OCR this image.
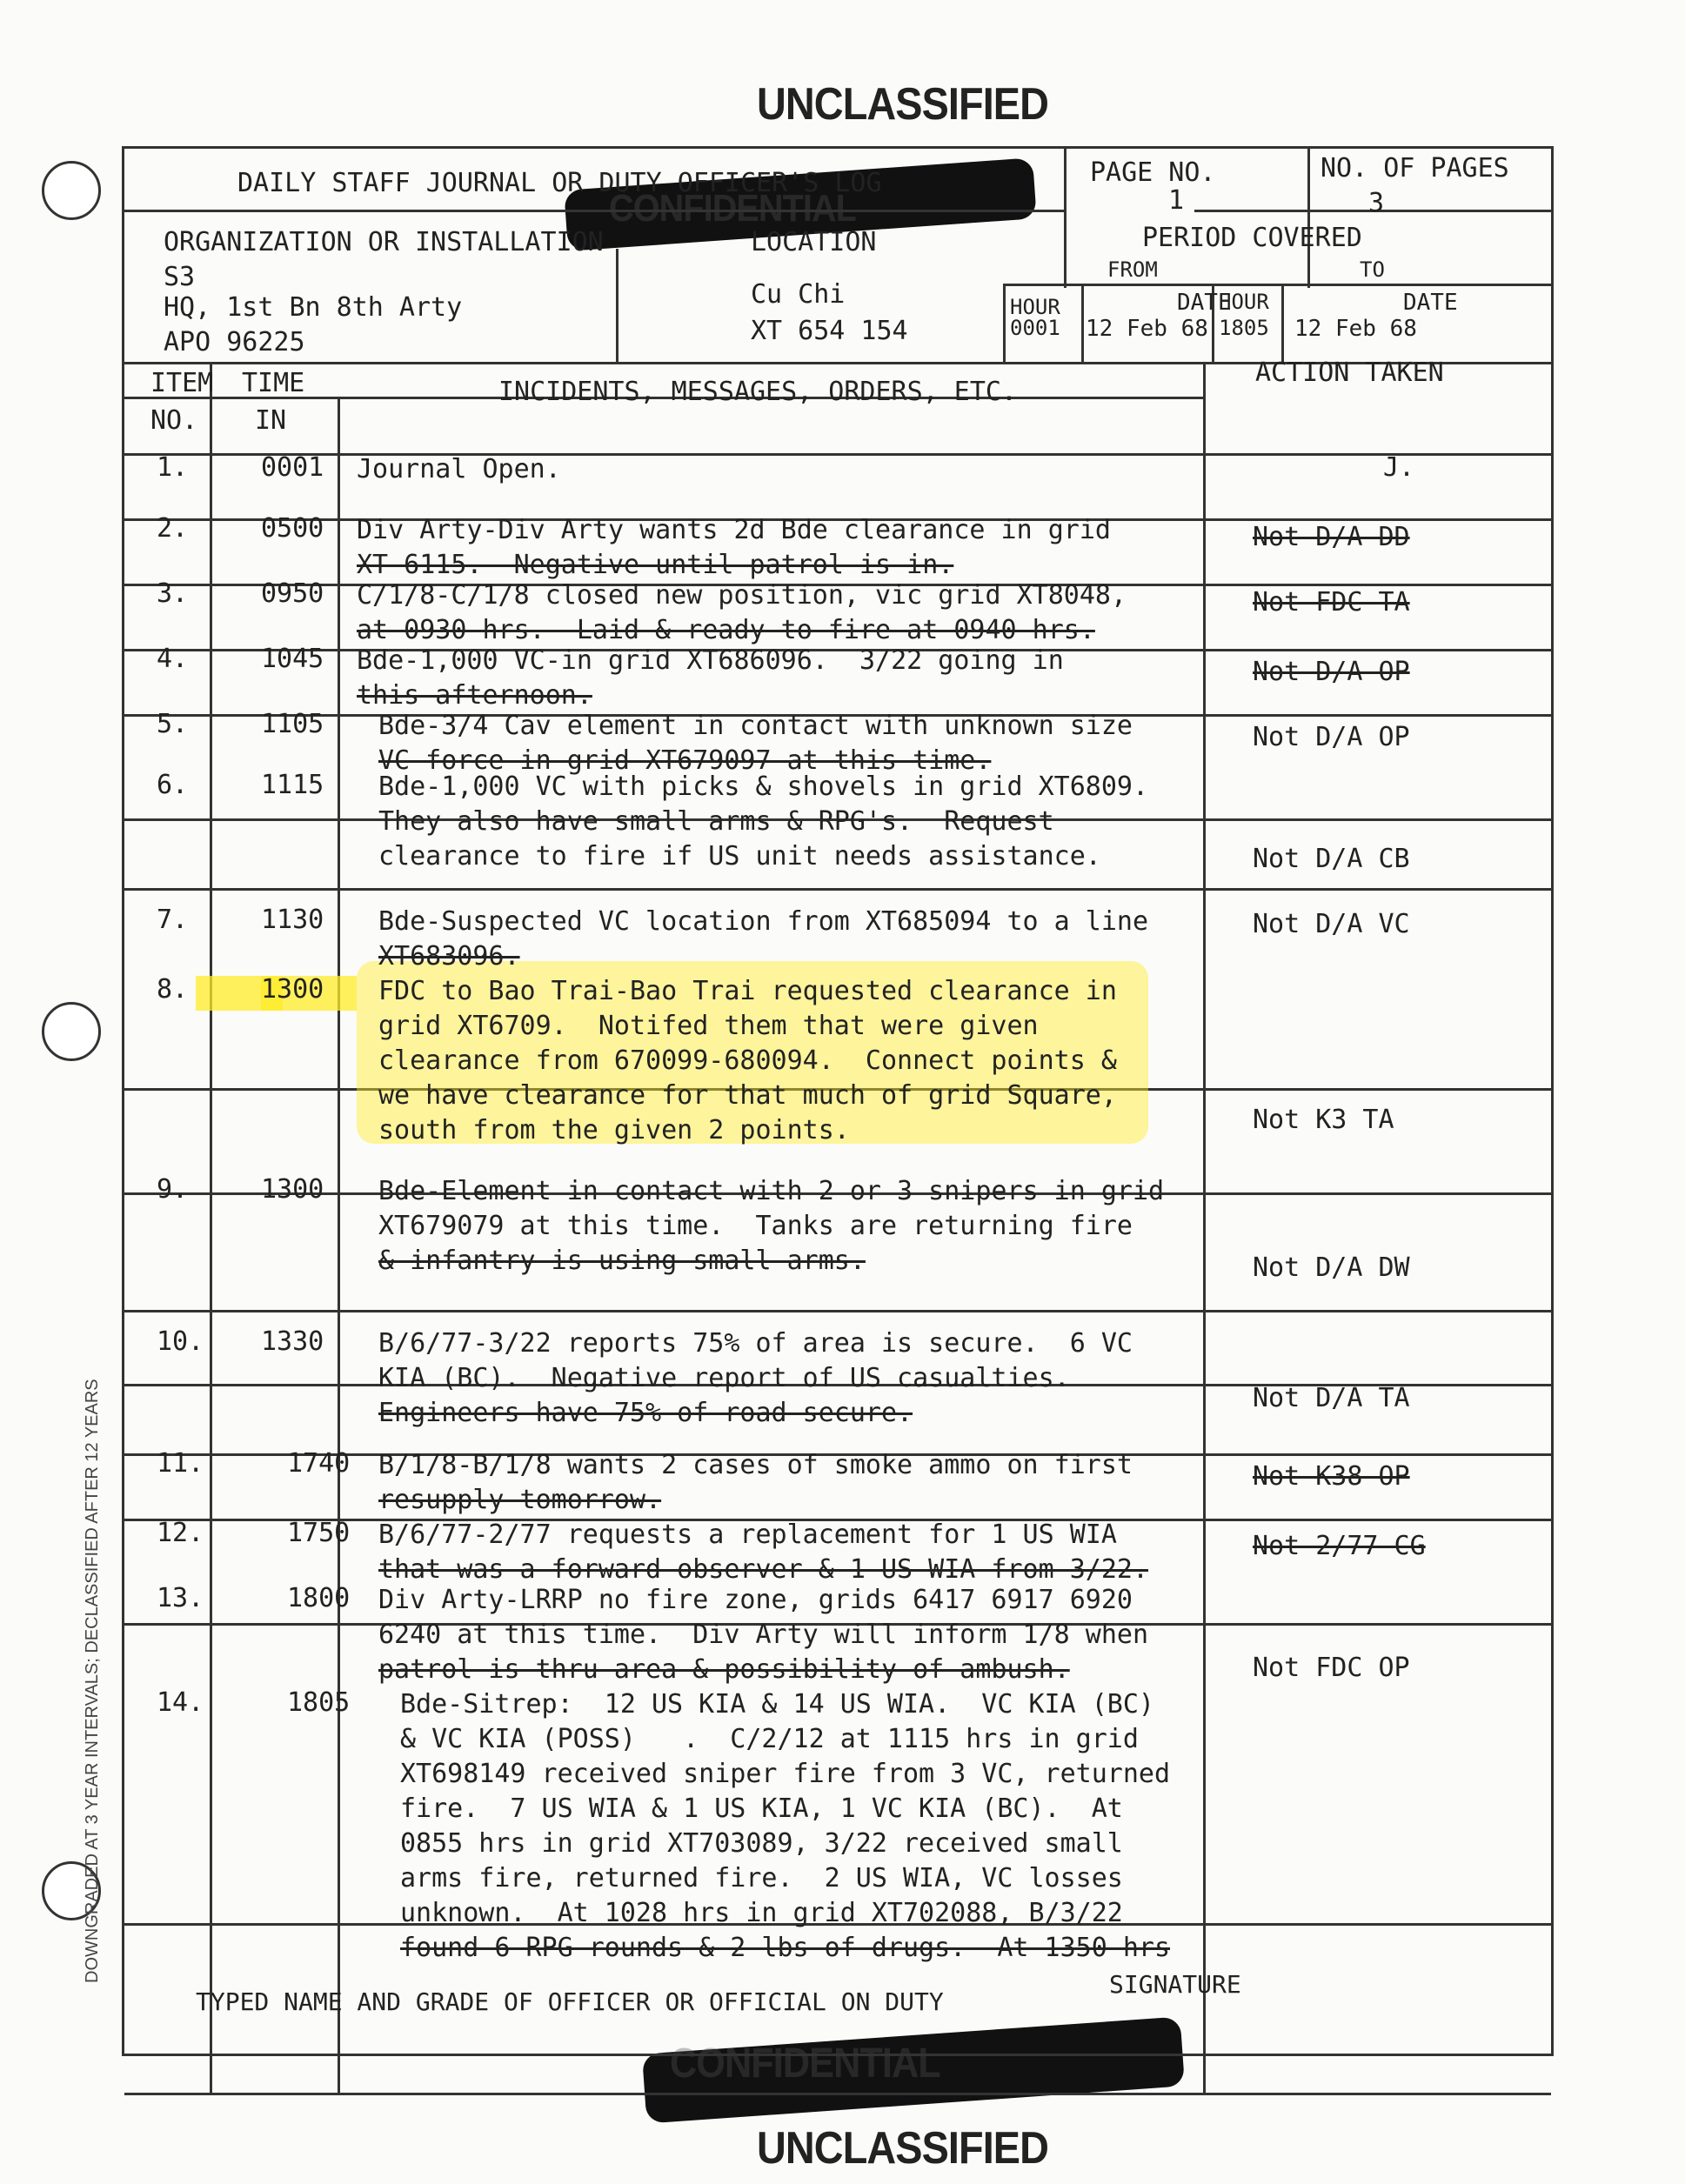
UNCLASSIFIED
CONFIDENTIAL
CONFIDENTIAL
UNCLASSIFIED
DOWNGRADED AT 3 YEAR INTERVALS; DECLASSIFIED AFTER 12 YEARS
DAILY STAFF JOURNAL OR DUTY OFFICER'S LOG	PAGE NO.
1
NO. OF PAGES
3
ORGANIZATION OR INSTALLATION
S3
HQ, 1st Bn 8th Arty
APO 96225
LOCATION
Cu Chi
XT 654 154
PERIOD COVERED
FROM	TO
HOUR
0001
DATE
12 Feb 68
HOUR
1805
DATE
12 Feb 68
ITEM
NO.
TIME
IN
INCIDENTS, MESSAGES, ORDERS, ETC.
ACTION TAKEN
1.	0001 Journal Open.	J.
2.	0500 Div Arty-Div Arty wants 2d Bde clearance in grid
XT 6115.  Negative until patrol is in.
Not D/A DD
3.	0950 C/1/8-C/1/8 closed new position, vic grid XT8048,
at 0930 hrs.  Laid & ready to fire at 0940 hrs.
Not FDC TA
4.	1045 Bde-1,000 VC-in grid XT686096.  3/22 going in
this afternoon.
Not D/A OP
5.	1105 Bde-3/4 Cav element in contact with unknown size
VC force in grid XT679097 at this time.
Not D/A OP
6.	1115 Bde-1,000 VC with picks & shovels in grid XT6809.
They also have small arms & RPG's.  Request
clearance to fire if US unit needs assistance.	Not D/A CB
7.	1130 Bde-Suspected VC location from XT685094 to a line
XT683096.
Not D/A VC
8.	1300 FDC to Bao Trai-Bao Trai requested clearance in
grid XT6709.  Notifed them that were given
clearance from 670099-680094.  Connect points &
we have clearance for that much of grid Square,
south from the given 2 points.	Not K3 TA
9.	1300 Bde-Element in contact with 2 or 3 snipers in grid
XT679079 at this time.  Tanks are returning fire
& infantry is using small arms.	Not D/A DW
10. 1330 B/6/77-3/22 reports 75% of area is secure.  6 VC
KIA (BC).  Negative report of US casualties.
Engineers have 75% of road secure.	Not D/A TA
11.	1740 B/1/8-B/1/8 wants 2 cases of smoke ammo on first
resupply tomorrow.
Not K38 OP
12.	1750 B/6/77-2/77 requests a replacement for 1 US WIA
that was a forward observer & 1 US WIA from 3/22.
Not 2/77 CG
13.	1800 Div Arty-LRRP no fire zone, grids 6417 6917 6920
6240 at this time.  Div Arty will inform 1/8 when
patrol is thru area & possibility of ambush.	Not FDC OP
14.	1805 Bde-Sitrep:  12 US KIA & 14 US WIA.  VC KIA (BC)
& VC KIA (POSS)   .  C/2/12 at 1115 hrs in grid
XT698149 received sniper fire from 3 VC, returned
fire.  7 US WIA & 1 US KIA, 1 VC KIA (BC).  At
0855 hrs in grid XT703089, 3/22 received small
arms fire, returned fire.  2 US WIA, VC losses
unknown.  At 1028 hrs in grid XT702088, B/3/22
found 6 RPG rounds & 2 lbs of drugs.  At 1350 hrs
TYPED NAME AND GRADE OF OFFICER OR OFFICIAL ON DUTY
SIGNATURE
